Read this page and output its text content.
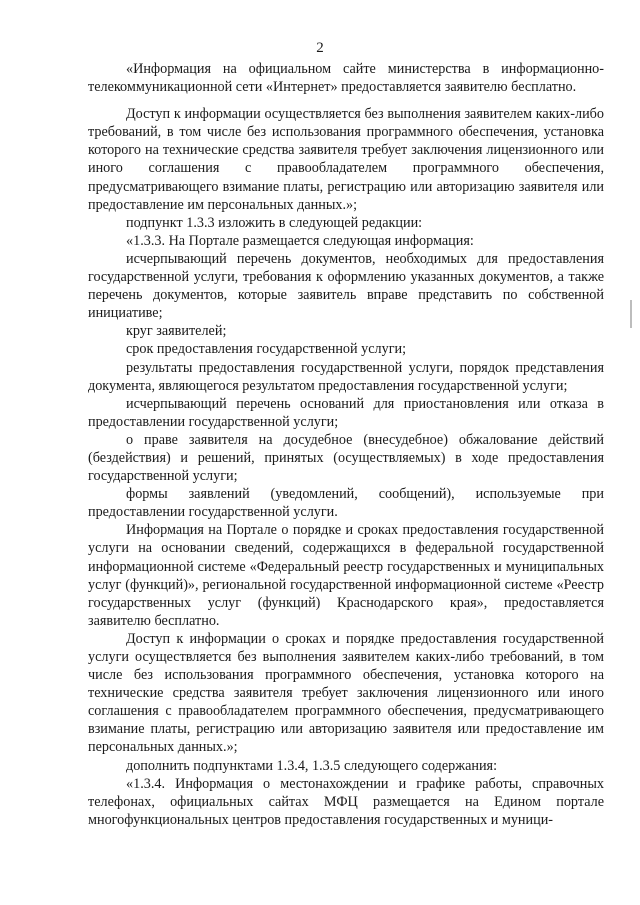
2

«Информация на официальном сайте министерства в информационно-телекоммуникационной сети «Интернет» предоставляется заявителю бесплатно.

Доступ к информации осуществляется без выполнения заявителем каких-либо требований, в том числе без использования программного обеспечения, установка которого на технические средства заявителя требует заключения лицензионного или иного соглашения с правообладателем программного обеспечения, предусматривающего взимание платы, регистрацию или авторизацию заявителя или предоставление им персональных данных.»;

подпункт 1.3.3 изложить в следующей редакции:

«1.3.3. На Портале размещается следующая информация:

исчерпывающий перечень документов, необходимых для предоставления государственной услуги, требования к оформлению указанных документов, а также перечень документов, которые заявитель вправе представить по собственной инициативе;

круг заявителей;

срок предоставления государственной услуги;

результаты предоставления государственной услуги, порядок представления документа, являющегося результатом предоставления государственной услуги;

исчерпывающий перечень оснований для приостановления или отказа в предоставлении государственной услуги;

о праве заявителя на досудебное (внесудебное) обжалование действий (бездействия) и решений, принятых (осуществляемых) в ходе предоставления государственной услуги;

формы заявлений (уведомлений, сообщений), используемые при предоставлении государственной услуги.

Информация на Портале о порядке и сроках предоставления государственной услуги на основании сведений, содержащихся в федеральной государственной информационной системе «Федеральный реестр государственных и муниципальных услуг (функций)», региональной государственной информационной системе «Реестр государственных услуг (функций) Краснодарского края», предоставляется заявителю бесплатно.

Доступ к информации о сроках и порядке предоставления государственной услуги осуществляется без выполнения заявителем каких-либо требований, в том числе без использования программного обеспечения, установка которого на технические средства заявителя требует заключения лицензионного или иного соглашения с правообладателем программного обеспечения, предусматривающего взимание платы, регистрацию или авторизацию заявителя или предоставление им персональных данных.»;

дополнить подпунктами 1.3.4, 1.3.5 следующего содержания:

«1.3.4. Информация о местонахождении и графике работы, справочных телефонах, официальных сайтах МФЦ размещается на Едином портале многофункциональных центров предоставления государственных и муници-
